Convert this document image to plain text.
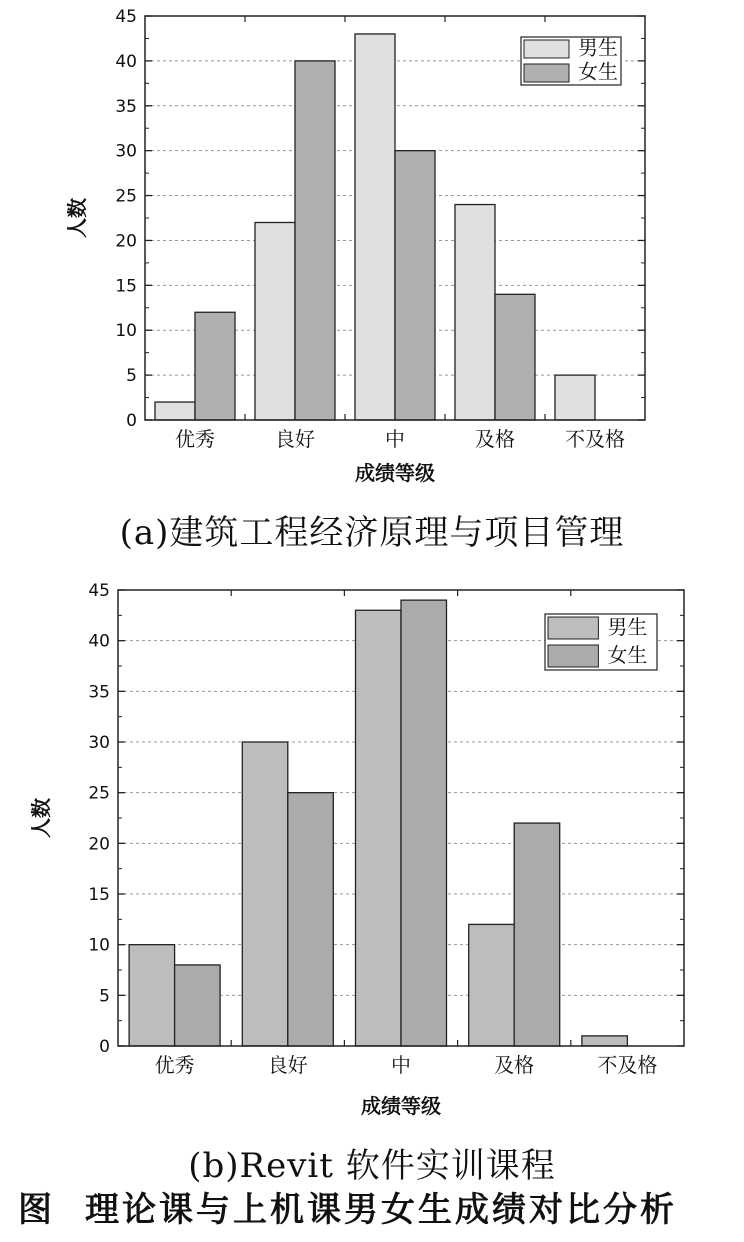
优秀	良好	中	及格	不及格
0
5
10
15
20
25
30
35
40
45
成绩等级
人数
男生
女生
优秀	良好	中	及格	不及格
0
5
10
15
20
25
30
35
40
45
成绩等级
人数
男生
女生
(a)建筑工程经济原理与项目管理
(b)Revit 软件实训课程
图 理论课与上机课男女生成绩对比分析
